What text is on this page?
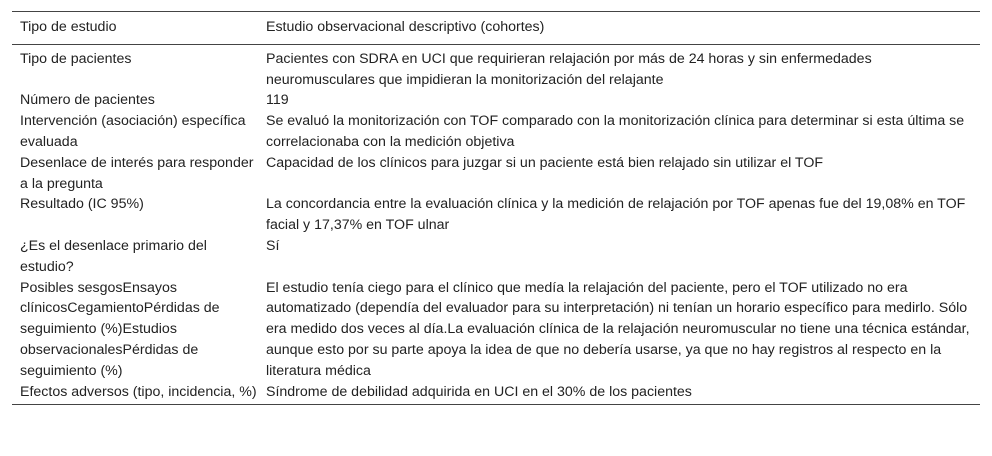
Tipo de estudio	Estudio observacional descriptivo (cohortes)
Tipo de pacientes	Pacientes con SDRA en UCI que requirieran relajación por más de 24 horas y sin enfermedades neuromusculares que impidieran la monitorización del relajante
Número de pacientes	119
Intervención (asociación) específica evaluada	Se evaluó la monitorización con TOF comparado con la monitorización clínica para determinar si esta última se correlacionaba con la medición objetiva
Desenlace de interés para responder a la pregunta	Capacidad de los clínicos para juzgar si un paciente está bien relajado sin utilizar el TOF
Resultado (IC 95%)	La concordancia entre la evaluación clínica y la medición de relajación por TOF apenas fue del 19,08% en TOF facial y 17,37% en TOF ulnar
¿Es el desenlace primario del estudio?	Sí
Posibles sesgosEnsayos clínicosCegamientoPérdidas de seguimiento (%)Estudios observacionalesPérdidas de seguimiento (%)	El estudio tenía ciego para el clínico que medía la relajación del paciente, pero el TOF utilizado no era automatizado (dependía del evaluador para su interpretación) ni tenían un horario específico para medirlo. Sólo era medido dos veces al día.La evaluación clínica de la relajación neuromuscular no tiene una técnica estándar, aunque esto por su parte apoya la idea de que no debería usarse, ya que no hay registros al respecto en la literatura médica
Efectos adversos (tipo, incidencia, %)	Síndrome de debilidad adquirida en UCI en el 30% de los pacientes
